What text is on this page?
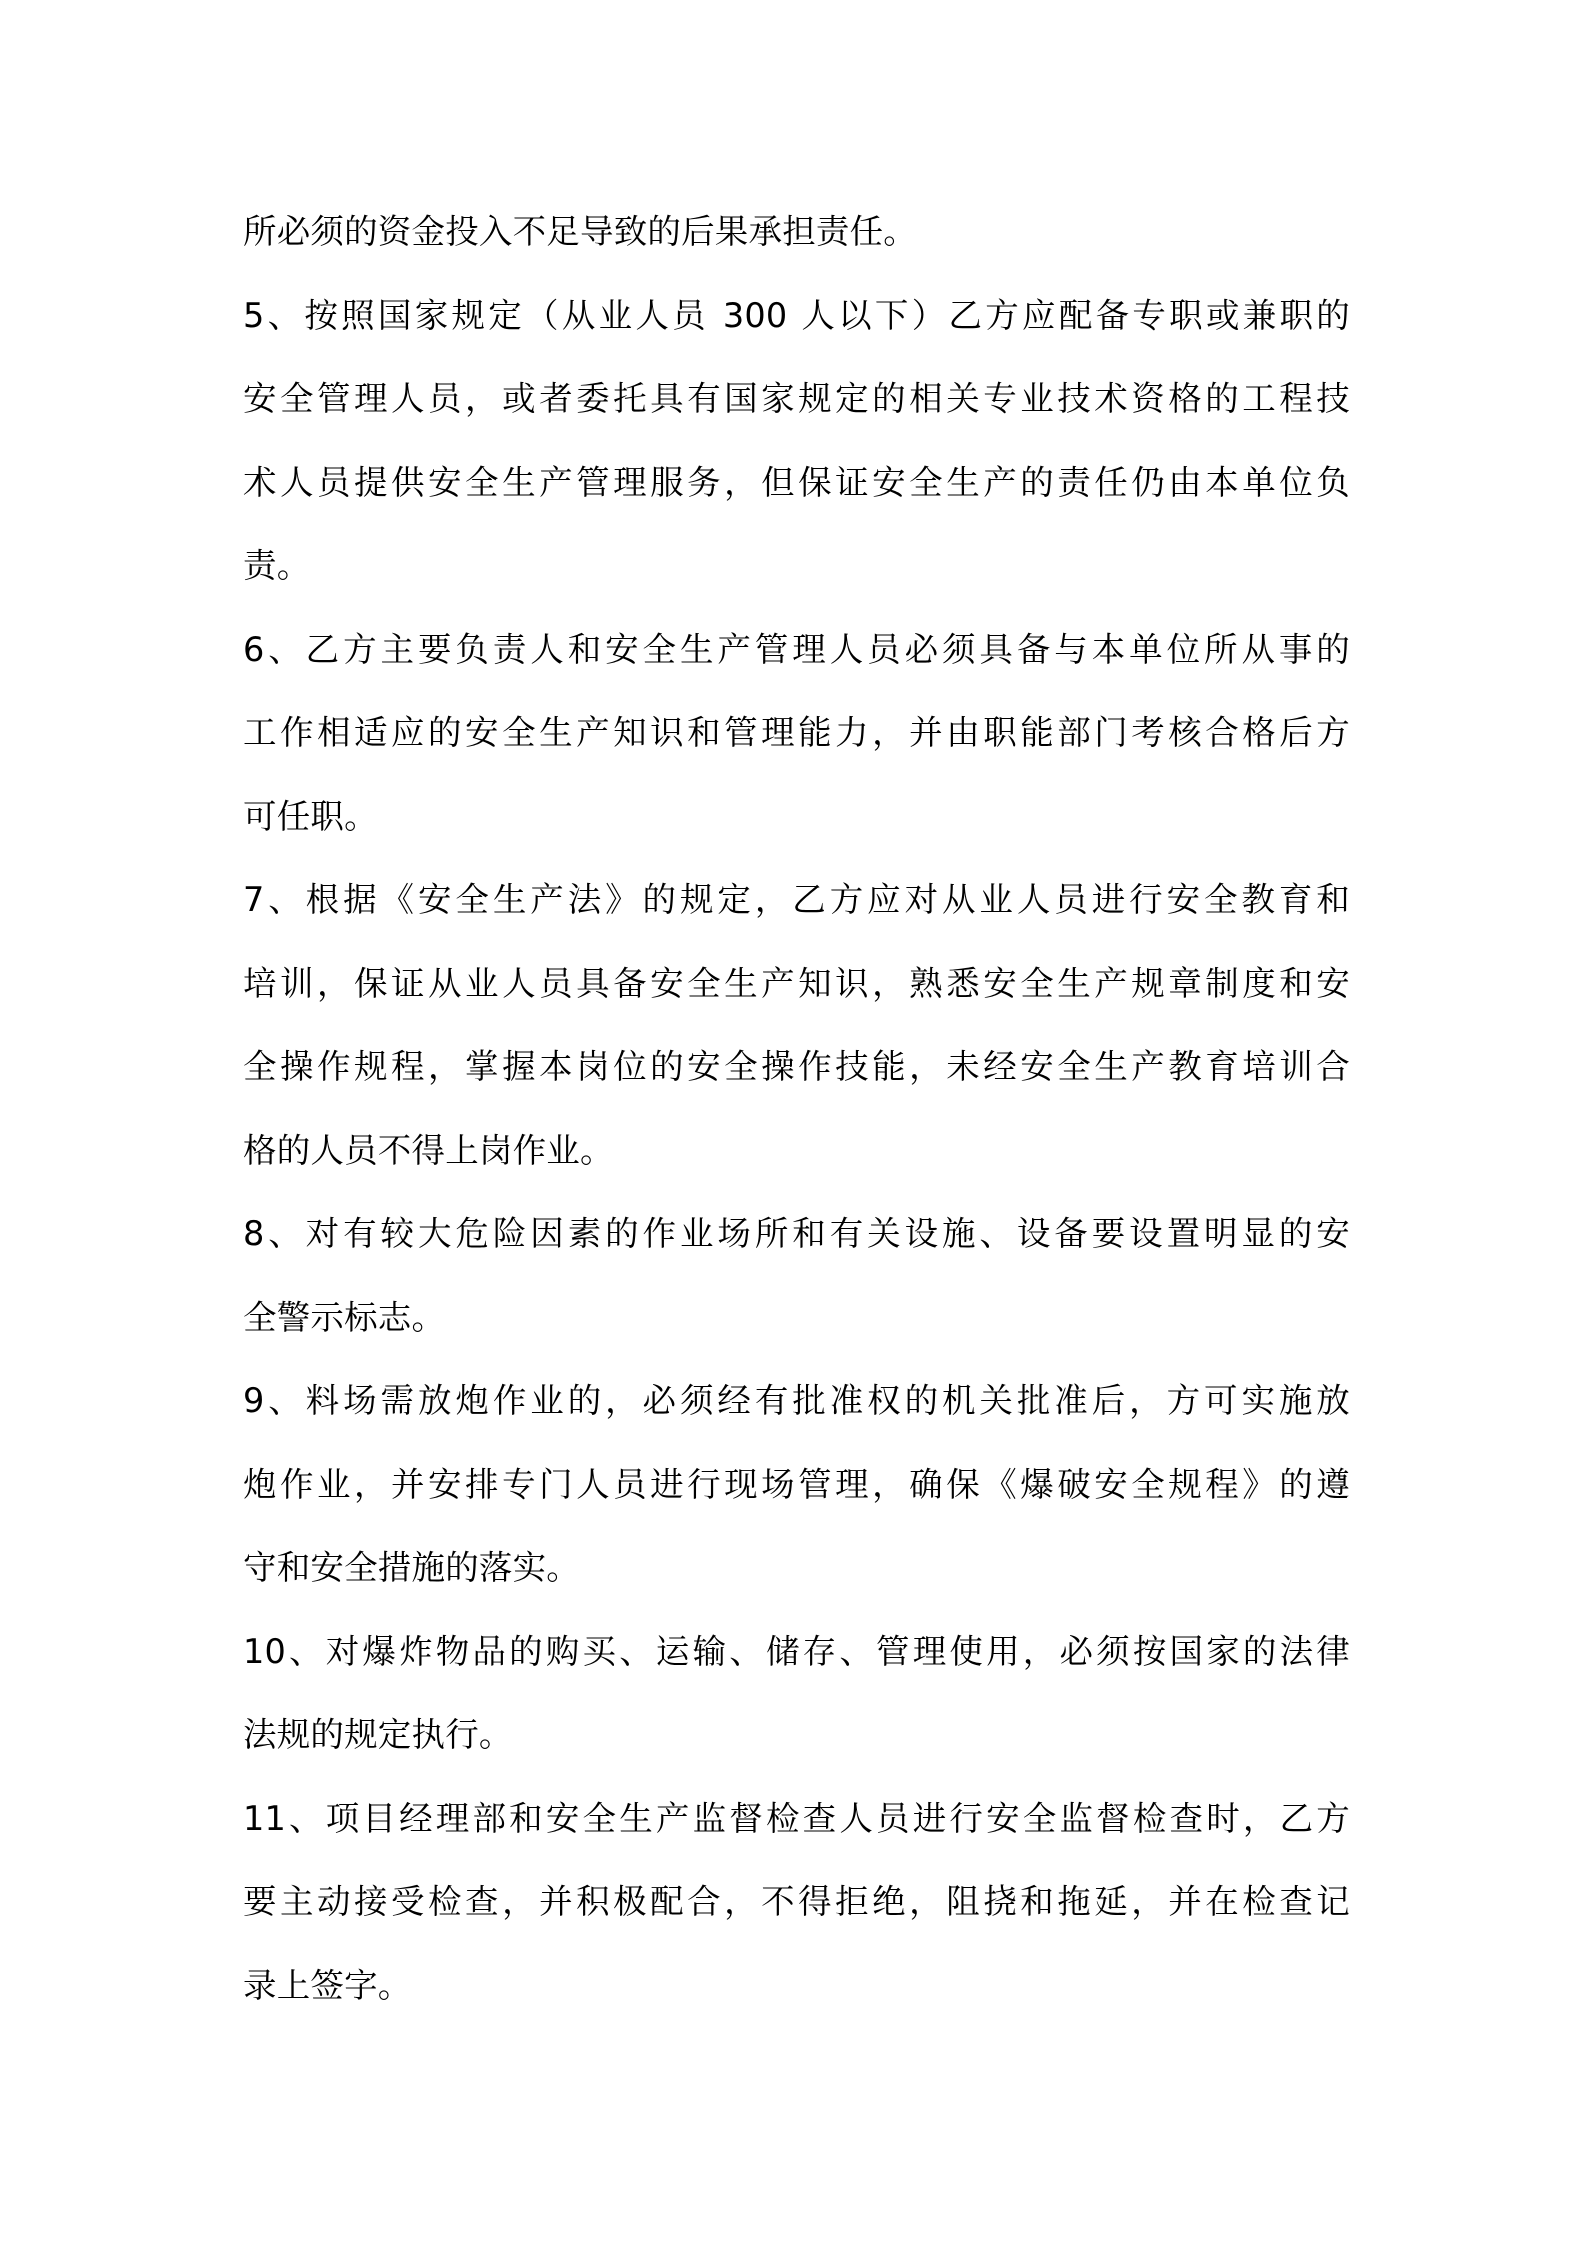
所必须的资金投入不足导致的后果承担责任。
5、按照国家规定（从业人员 300 人以下）乙方应配备专职或兼职的
安全管理人员，或者委托具有国家规定的相关专业技术资格的工程技
术人员提供安全生产管理服务，但保证安全生产的责任仍由本单位负
责。
6、乙方主要负责人和安全生产管理人员必须具备与本单位所从事的
工作相适应的安全生产知识和管理能力，并由职能部门考核合格后方
可任职。
7、根据《安全生产法》的规定，乙方应对从业人员进行安全教育和
培训，保证从业人员具备安全生产知识，熟悉安全生产规章制度和安
全操作规程，掌握本岗位的安全操作技能，未经安全生产教育培训合
格的人员不得上岗作业。
8、对有较大危险因素的作业场所和有关设施、设备要设置明显的安
全警示标志。
9、料场需放炮作业的，必须经有批准权的机关批准后，方可实施放
炮作业，并安排专门人员进行现场管理，确保《爆破安全规程》的遵
守和安全措施的落实。
10、对爆炸物品的购买、运输、储存、管理使用，必须按国家的法律
法规的规定执行。
11、项目经理部和安全生产监督检查人员进行安全监督检查时，乙方
要主动接受检查，并积极配合，不得拒绝，阻挠和拖延，并在检查记
录上签字。
